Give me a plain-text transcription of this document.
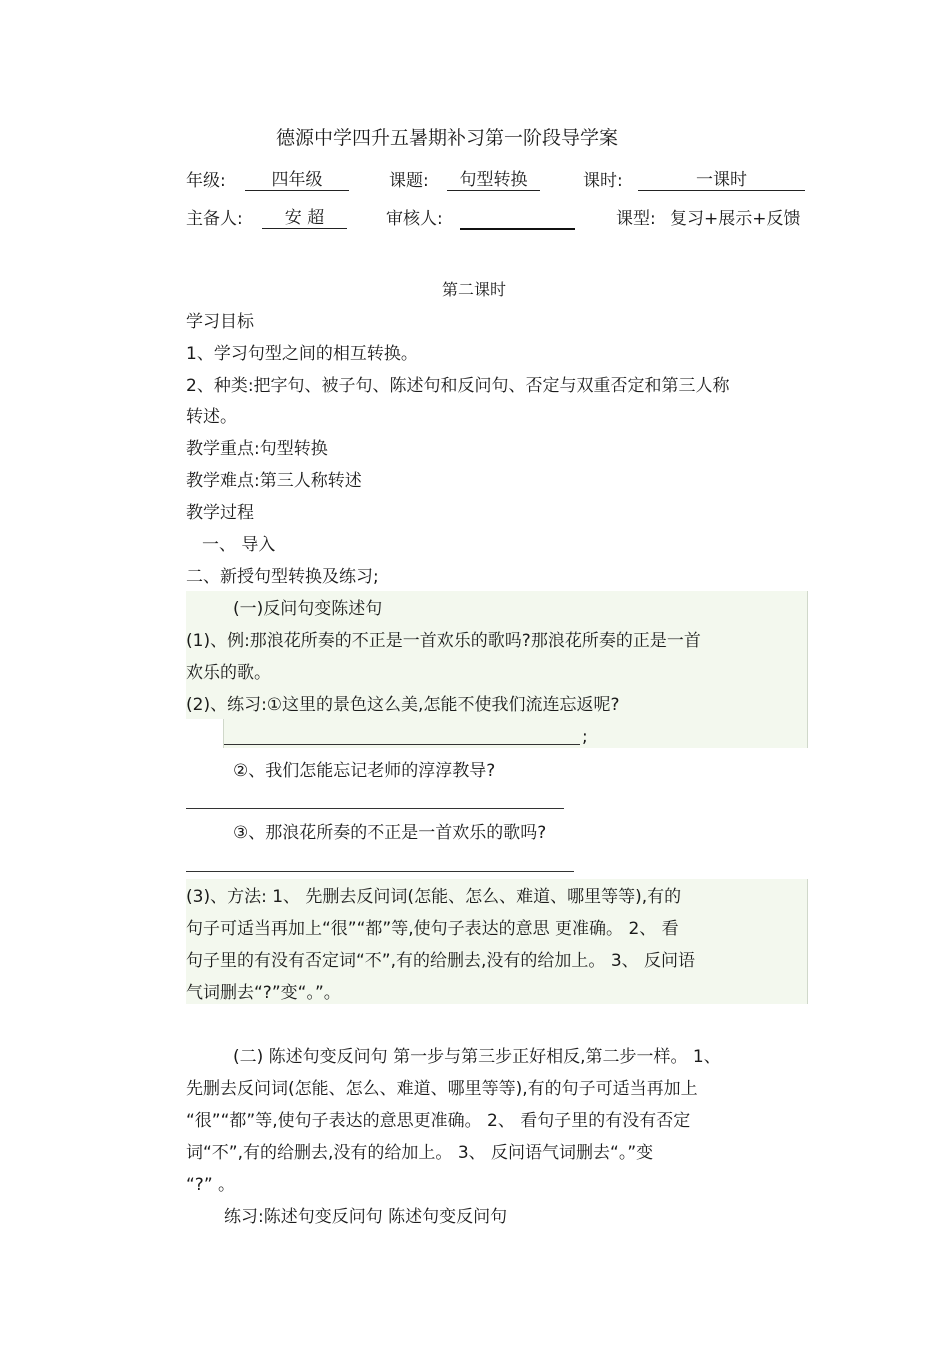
德源中学四升五暑期补习第一阶段导学案
年级:	四年级	课题:	句型转换	课时:	一课时
主备人:	安 超	审核人:	课型: 复习+展示+反馈
第二课时
学习目标
1、学习句型之间的相互转换。
2、种类:把字句、被子句、陈述句和反问句、否定与双重否定和第三人称
转述。
教学重点:句型转换
教学难点:第三人称转述
教学过程
一、 导入
二、新授句型转换及练习;
(一)反问句变陈述句
(1)、例:那浪花所奏的不正是一首欢乐的歌吗?那浪花所奏的正是一首
欢乐的歌。
(2)、练习:①这里的景色这么美,怎能不使我们流连忘返呢?
;
②、我们怎能忘记老师的淳淳教导?
③、那浪花所奏的不正是一首欢乐的歌吗?
(3)、方法: 1、 先删去反问词(怎能、怎么、难道、哪里等等),有的
句子可适当再加上“很”“都”等,使句子表达的意思 更准确。 2、 看
句子里的有没有否定词“不”,有的给删去,没有的给加上。 3、 反问语
气词删去“?”变“。”。
(二) 陈述句变反问句 第一步与第三步正好相反,第二步一样。 1、
先删去反问词(怎能、怎么、难道、哪里等等),有的句子可适当再加上
“很”“都”等,使句子表达的意思更准确。 2、 看句子里的有没有否定
词“不”,有的给删去,没有的给加上。 3、 反问语气词删去“。”变
“?” 。
练习:陈述句变反问句 陈述句变反问句
